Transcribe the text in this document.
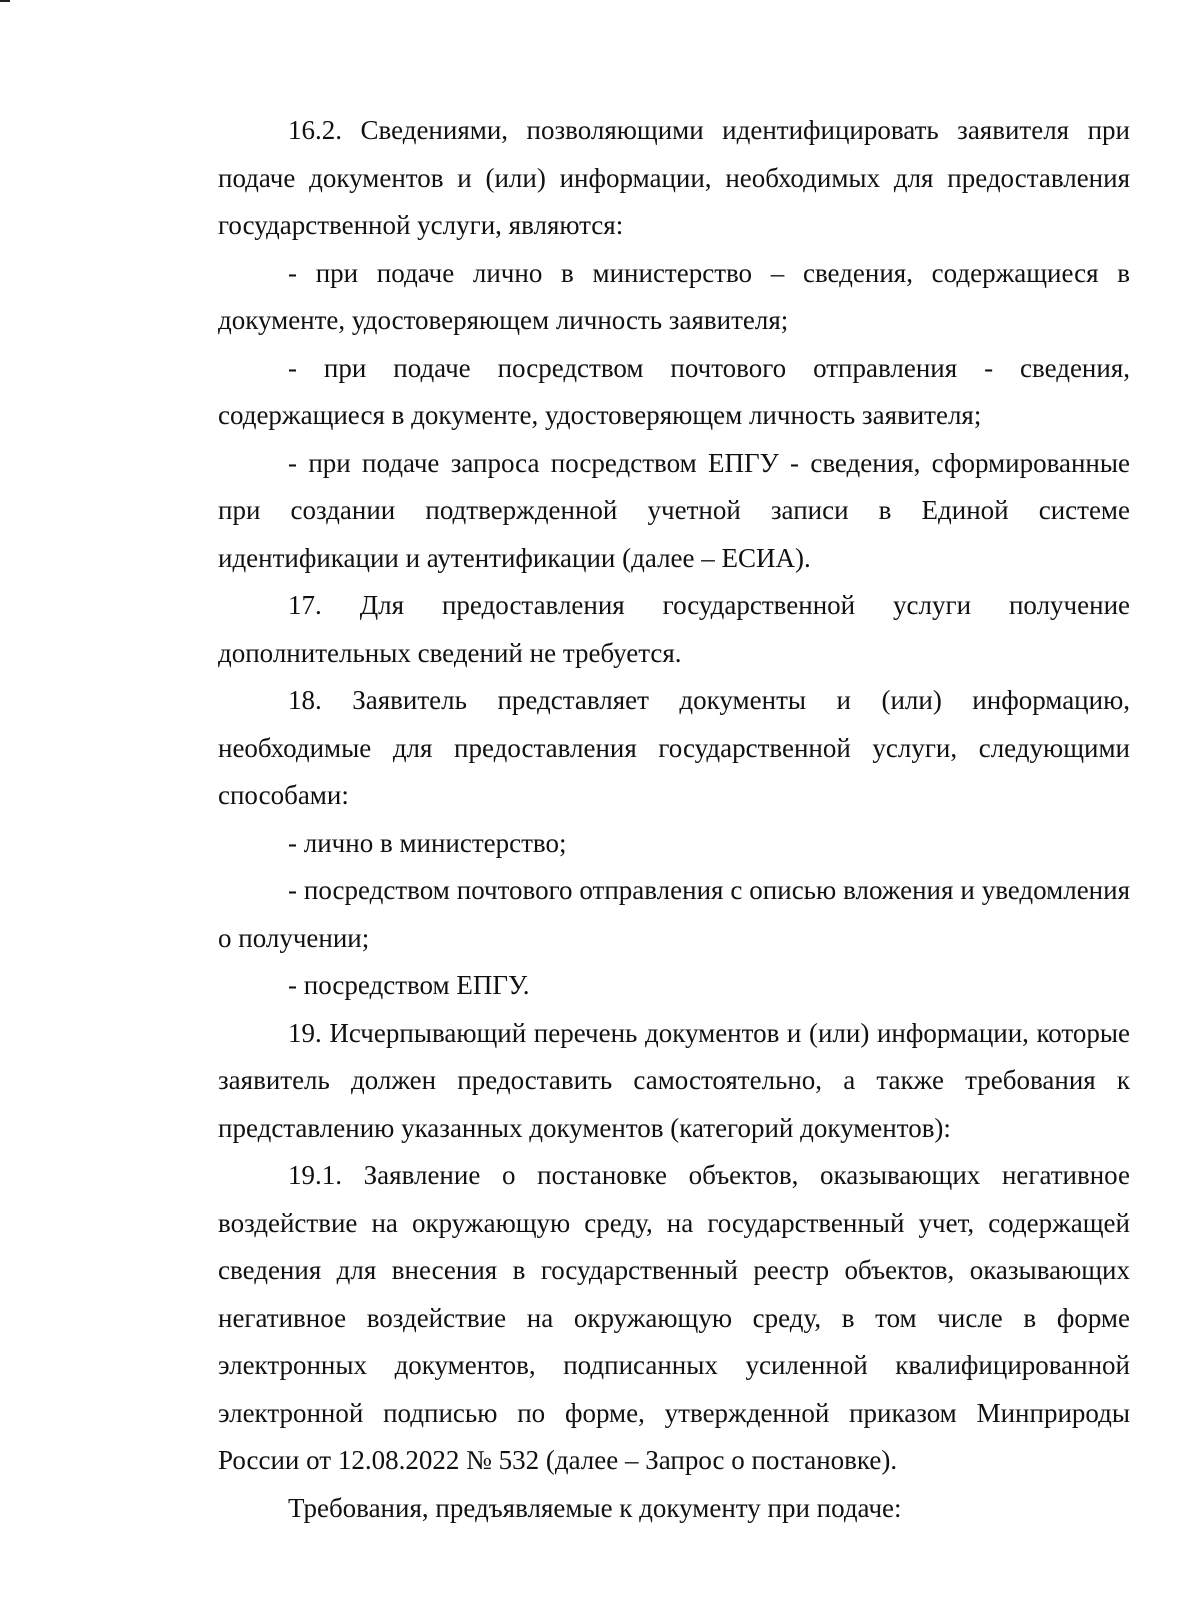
16.2. Сведениями, позволяющими идентифицировать заявителя при подаче документов и (или) информации, необходимых для предоставления государственной услуги, являются:

- при подаче лично в министерство – сведения, содержащиеся в документе, удостоверяющем личность заявителя;

- при подаче посредством почтового отправления - сведения, содержащиеся в документе, удостоверяющем личность заявителя;

- при подаче запроса посредством ЕПГУ - сведения, сформированные при создании подтвержденной учетной записи в Единой системе идентификации и аутентификации (далее – ЕСИА).

17. Для предоставления государственной услуги получение дополнительных сведений не требуется.

18. Заявитель представляет документы и (или) информацию, необходимые для предоставления государственной услуги, следующими способами:

- лично в министерство;

- посредством почтового отправления с описью вложения и уведомления о получении;

- посредством ЕПГУ.

19. Исчерпывающий перечень документов и (или) информации, которые заявитель должен предоставить самостоятельно, а также требования к представлению указанных документов (категорий документов):

19.1. Заявление о постановке объектов, оказывающих негативное воздействие на окружающую среду, на государственный учет, содержащей сведения для внесения в государственный реестр объектов, оказывающих негативное воздействие на окружающую среду, в том числе в форме электронных документов, подписанных усиленной квалифицированной электронной подписью по форме, утвержденной приказом Минприроды России от 12.08.2022 № 532 (далее – Запрос о постановке).

Требования, предъявляемые к документу при подаче:
